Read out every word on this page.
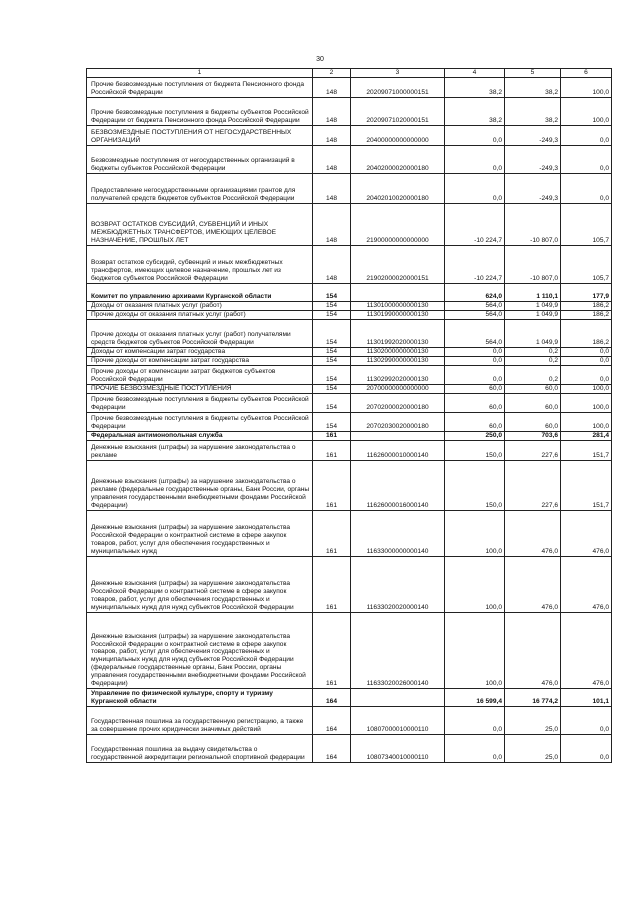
30
1	2	3	4	5	6
Прочие безвозмездные поступления от бюджета Пенсионного фонда Российской Федерации	148	20209071000000151	38,2	38,2	100,0
Прочие безвозмездные поступления в бюджеты субъектов Российской Федерации от бюджета Пенсионного фонда Российской Федерации	148	20209071020000151	38,2	38,2	100,0
БЕЗВОЗМЕЗДНЫЕ ПОСТУПЛЕНИЯ ОТ НЕГОСУДАРСТВЕННЫХ ОРГАНИЗАЦИЙ	148	20400000000000000	0,0	-249,3	0,0
Безвозмездные поступления от негосударственных организаций в бюджеты субъектов Российской Федерации	148	20402000020000180	0,0	-249,3	0,0
Предоставление негосударственными организациями грантов для получателей средств бюджетов субъектов Российской Федерации	148	20402010020000180	0,0	-249,3	0,0
ВОЗВРАТ ОСТАТКОВ СУБСИДИЙ, СУБВЕНЦИЙ И ИНЫХ МЕЖБЮДЖЕТНЫХ ТРАНСФЕРТОВ, ИМЕЮЩИХ ЦЕЛЕВОЕ НАЗНАЧЕНИЕ, ПРОШЛЫХ ЛЕТ	148	21900000000000000	-10 224,7	-10 807,0	105,7
Возврат остатков субсидий, субвенций и иных межбюджетных трансфертов, имеющих целевое назначение, прошлых лет из бюджетов субъектов Российской Федерации	148	21902000020000151	-10 224,7	-10 807,0	105,7
Комитет по управлению архивами Курганской области	154		624,0	1 110,1	177,9
Доходы от оказания платных услуг (работ)	154	11301000000000130	564,0	1 049,9	186,2
Прочие доходы от оказания платных услуг (работ)	154	11301990000000130	564,0	1 049,9	186,2
Прочие доходы от оказания платных услуг (работ) получателями средств бюджетов субъектов Российской Федерации	154	11301992020000130	564,0	1 049,9	186,2
Доходы от компенсации затрат государства	154	11302000000000130	0,0	0,2	0,0
Прочие доходы от компенсации затрат государства	154	11302990000000130	0,0	0,2	0,0
Прочие доходы от компенсации затрат бюджетов субъектов Российской Федерации	154	11302992020000130	0,0	0,2	0,0
ПРОЧИЕ БЕЗВОЗМЕЗДНЫЕ ПОСТУПЛЕНИЯ	154	20700000000000000	60,0	60,0	100,0
Прочие безвозмездные поступления в бюджеты субъектов Российской Федерации	154	20702000020000180	60,0	60,0	100,0
Прочие безвозмездные поступления в бюджеты субъектов Российской Федерации	154	20702030020000180	60,0	60,0	100,0
Федеральная антимонопольная служба	161		250,0	703,6	281,4
Денежные взыскания (штрафы) за нарушение законодательства о рекламе	161	11626000010000140	150,0	227,6	151,7
Денежные взыскания (штрафы) за нарушение законодательства о рекламе (федеральные государственные органы, Банк России, органы управления государственными внебюджетными фондами Российской Федерации)	161	11626000016000140	150,0	227,6	151,7
Денежные взыскания (штрафы) за нарушение законодательства Российской Федерации о контрактной системе в сфере закупок товаров, работ, услуг для обеспечения государственных и муниципальных нужд	161	11633000000000140	100,0	476,0	476,0
Денежные взыскания (штрафы) за нарушение законодательства Российской Федерации о контрактной системе в сфере закупок товаров, работ, услуг для обеспечения государственных и муниципальных нужд для нужд субъектов Российской Федерации	161	11633020020000140	100,0	476,0	476,0
Денежные взыскания (штрафы) за нарушение законодательства Российской Федерации о контрактной системе в сфере закупок товаров, работ, услуг для обеспечения государственных и муниципальных нужд для нужд субъектов Российской Федерации (федеральные государственные органы, Банк России, органы управления государственными внебюджетными фондами Российской Федерации)	161	11633020026000140	100,0	476,0	476,0
Управление по физической культуре, спорту и туризму Курганской области	164		16 599,4	16 774,2	101,1
Государственная пошлина за государственную регистрацию, а также за совершение прочих юридически значимых действий	164	10807000010000110	0,0	25,0	0,0
Государственная пошлина за выдачу свидетельства о государственной аккредитации региональной спортивной федерации	164	10807340010000110	0,0	25,0	0,0
